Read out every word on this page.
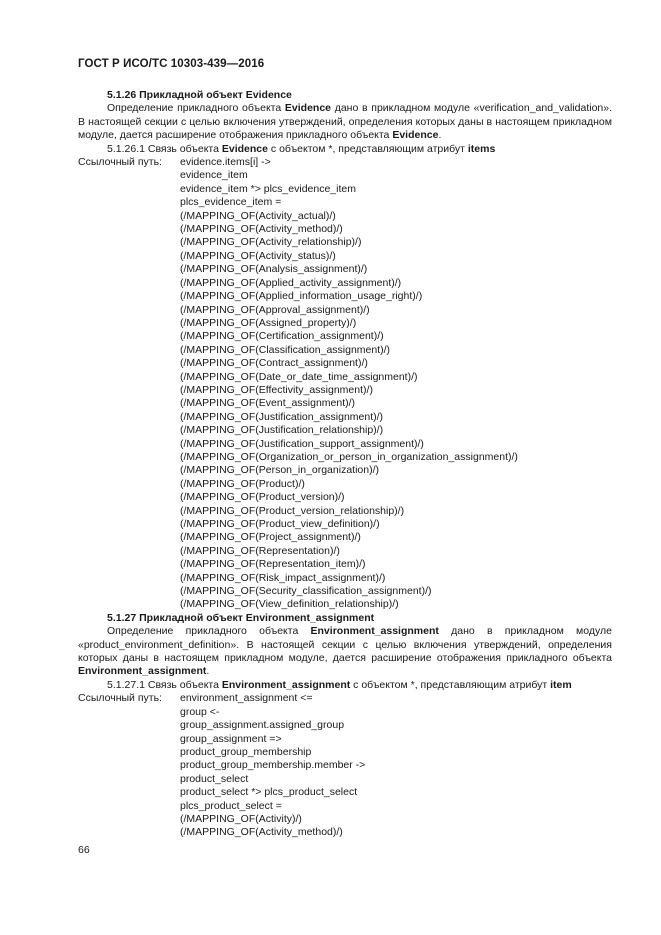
ГОСТ Р ИСО/ТС 10303-439—2016
5.1.26 Прикладной объект Evidence
Определение прикладного объекта Evidence дано в прикладном модуле «verification_and_validation». В настоящей секции с целью включения утверждений, определения которых даны в настоящем прикладном модуле, дается расширение отображения прикладного объекта Evidence.
5.1.26.1 Связь объекта Evidence с объектом *, представляющим атрибут items
Ссылочный путь:	evidence.items[i] ->
evidence_item
evidence_item *> plcs_evidence_item
plcs_evidence_item =
(/MAPPING_OF(Activity_actual)/)
(/MAPPING_OF(Activity_method)/)
(/MAPPING_OF(Activity_relationship)/)
(/MAPPING_OF(Activity_status)/)
(/MAPPING_OF(Analysis_assignment)/)
(/MAPPING_OF(Applied_activity_assignment)/)
(/MAPPING_OF(Applied_information_usage_right)/)
(/MAPPING_OF(Approval_assignment)/)
(/MAPPING_OF(Assigned_property)/)
(/MAPPING_OF(Certification_assignment)/)
(/MAPPING_OF(Classification_assignment)/)
(/MAPPING_OF(Contract_assignment)/)
(/MAPPING_OF(Date_or_date_time_assignment)/)
(/MAPPING_OF(Effectivity_assignment)/)
(/MAPPING_OF(Event_assignment)/)
(/MAPPING_OF(Justification_assignment)/)
(/MAPPING_OF(Justification_relationship)/)
(/MAPPING_OF(Justification_support_assignment)/)
(/MAPPING_OF(Organization_or_person_in_organization_assignment)/)
(/MAPPING_OF(Person_in_organization)/)
(/MAPPING_OF(Product)/)
(/MAPPING_OF(Product_version)/)
(/MAPPING_OF(Product_version_relationship)/)
(/MAPPING_OF(Product_view_definition)/)
(/MAPPING_OF(Project_assignment)/)
(/MAPPING_OF(Representation)/)
(/MAPPING_OF(Representation_item)/)
(/MAPPING_OF(Risk_impact_assignment)/)
(/MAPPING_OF(Security_classification_assignment)/)
(/MAPPING_OF(View_definition_relationship)/)
5.1.27 Прикладной объект Environment_assignment
Определение прикладного объекта Environment_assignment дано в прикладном модуле «product_environment_definition». В настоящей секции с целью включения утверждений, определения которых даны в настоящем прикладном модуле, дается расширение отображения прикладного объекта Environment_assignment.
5.1.27.1 Связь объекта Environment_assignment с объектом *, представляющим атрибут item
Ссылочный путь:	environment_assignment <=
group <-
group_assignment.assigned_group
group_assignment =>
product_group_membership
product_group_membership.member ->
product_select
product_select *> plcs_product_select
plcs_product_select =
(/MAPPING_OF(Activity)/)
(/MAPPING_OF(Activity_method)/)
66
